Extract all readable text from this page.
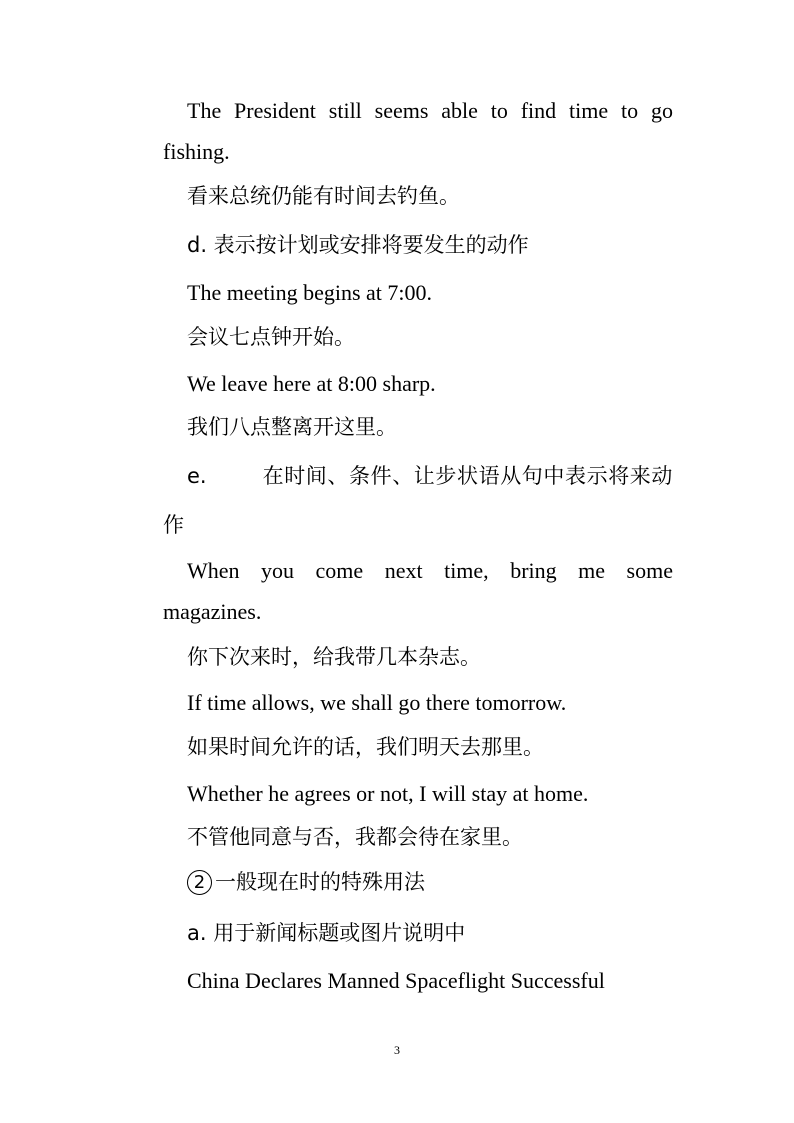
The President still seems able to find time to go
fishing.
看来总统仍能有时间去钓鱼。
d. 表示按计划或安排将要发生的动作
The meeting begins at 7:00.
会议七点钟开始。
We leave here at 8:00 sharp.
我们八点整离开这里。
e.	在时间、条件、让步状语从句中表示将来动
作
When you come next time, bring me some
magazines.
你下次来时，给我带几本杂志。
If time allows, we shall go there tomorrow.
如果时间允许的话，我们明天去那里。
Whether he agrees or not, I will stay at home.
不管他同意与否，我都会待在家里。
2 一般现在时的特殊用法
a. 用于新闻标题或图片说明中
China Declares Manned Spaceflight Successful
3
